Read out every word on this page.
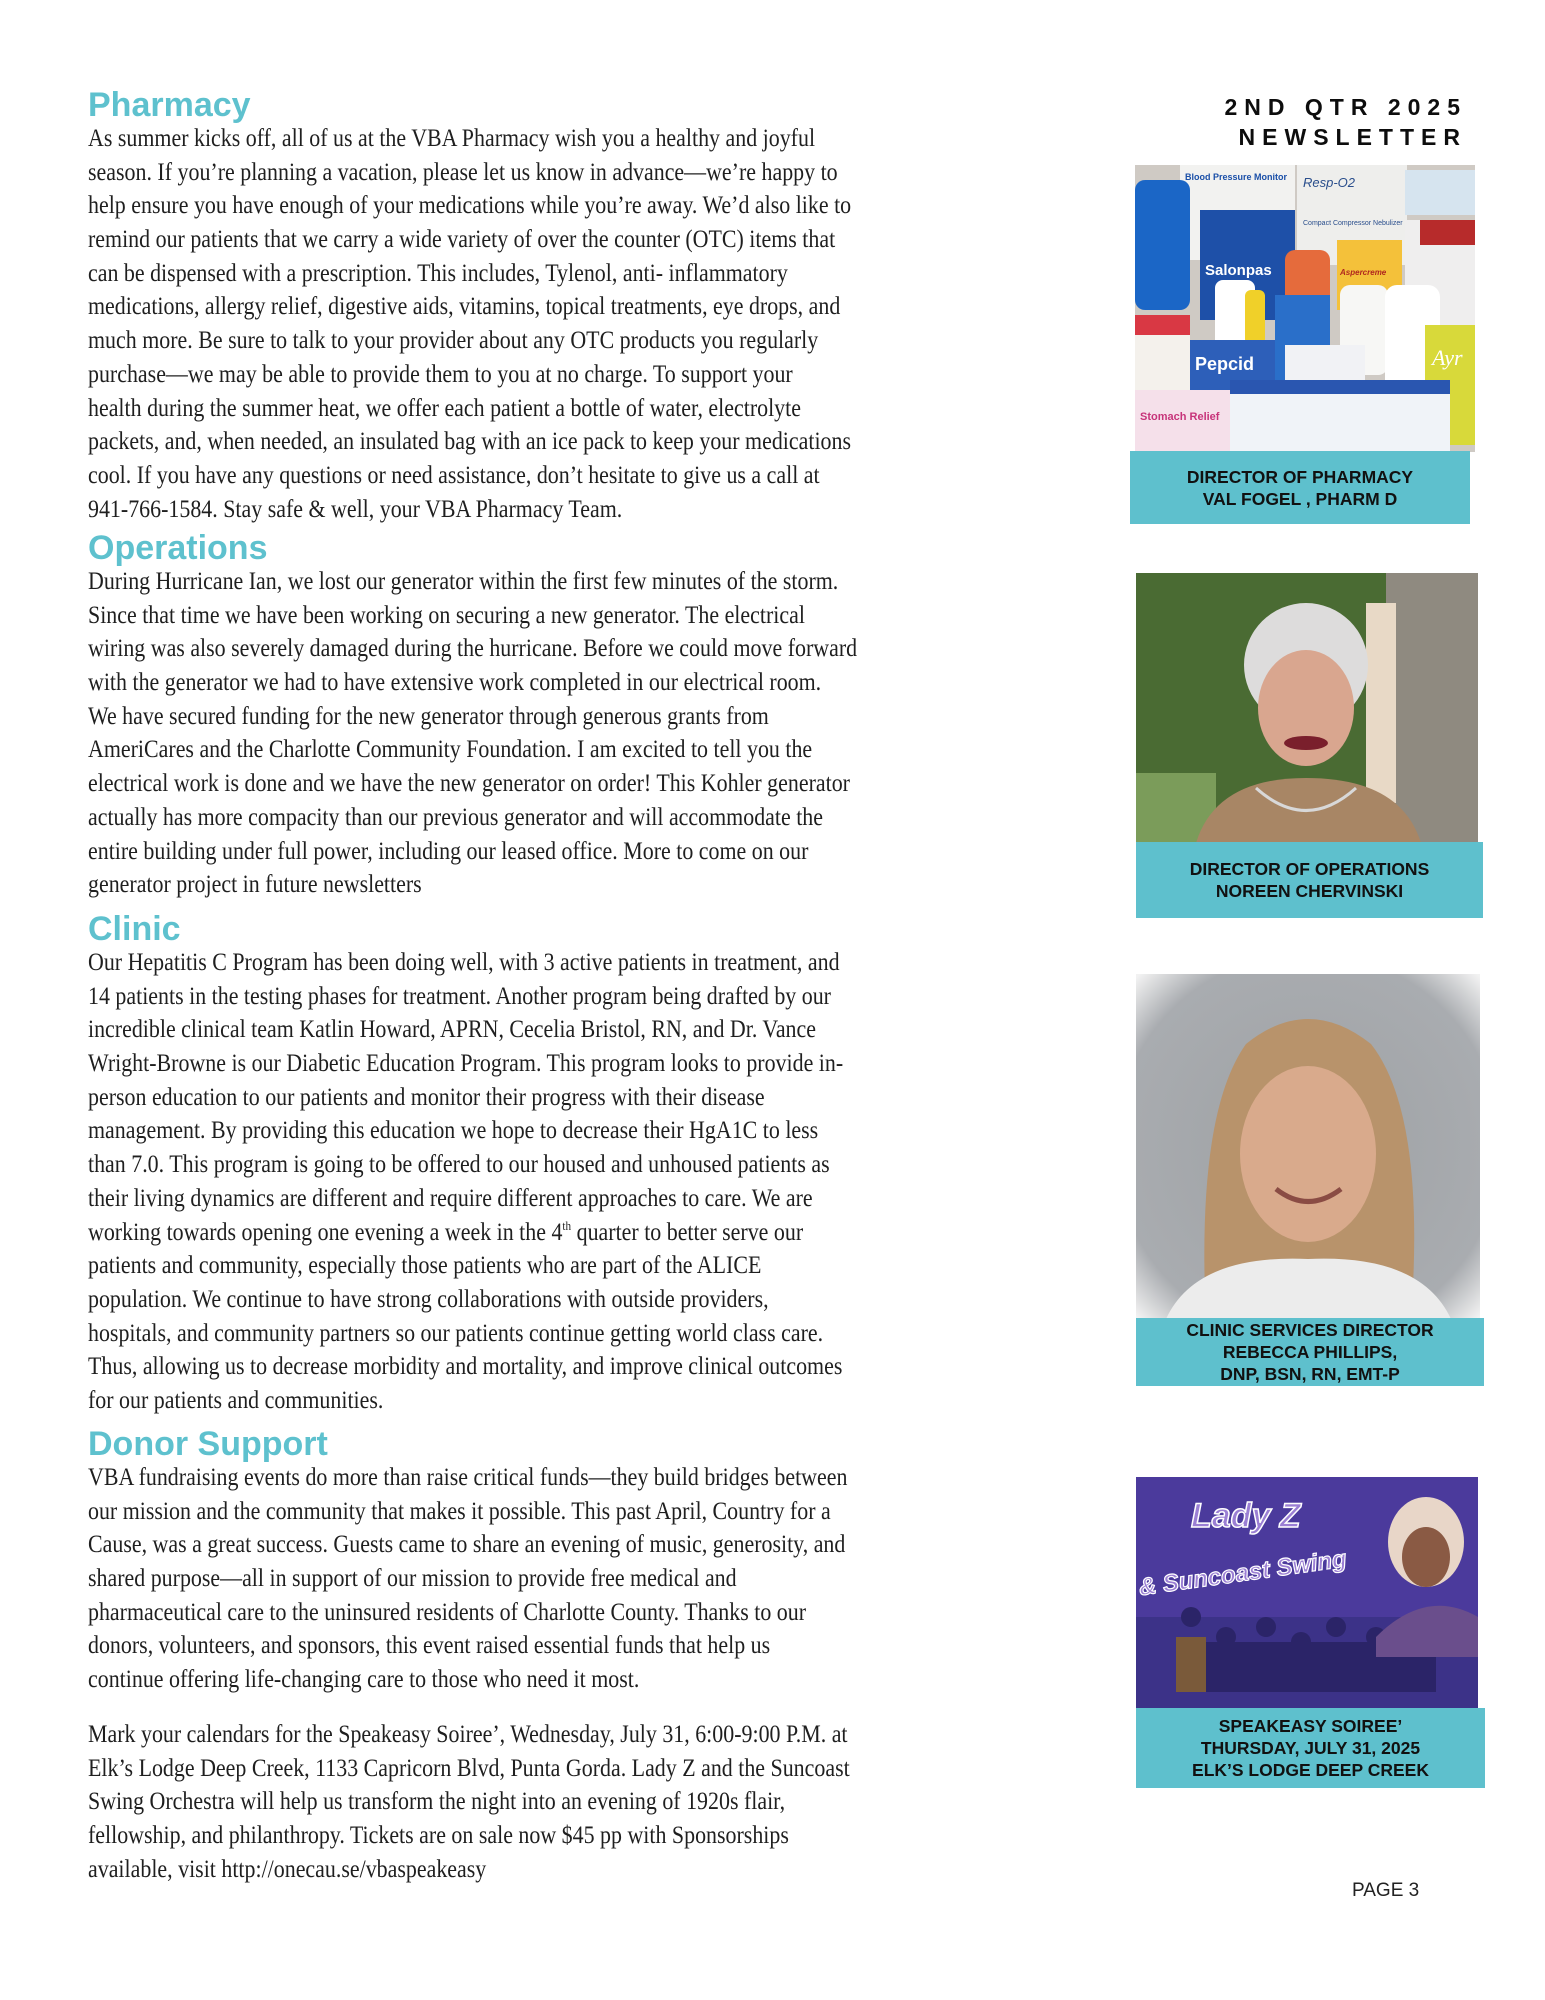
2ND QTR 2025
NEWSLETTER
Pharmacy
As summer kicks off, all of us at the VBA Pharmacy wish you a healthy and joyful
season. If you’re planning a vacation, please let us know in advance—we’re happy to
help ensure you have enough of your medications while you’re away. We’d also like to
remind our patients that we carry a wide variety of over the counter (OTC) items that
can be dispensed with a prescription. This includes, Tylenol, anti- inflammatory
medications, allergy relief, digestive aids, vitamins, topical treatments, eye drops, and
much more. Be sure to talk to your provider about any OTC products you regularly
purchase—we may be able to provide them to you at no charge. To support your
health during the summer heat, we offer each patient a bottle of water, electrolyte
packets, and, when needed, an insulated bag with an ice pack to keep your medications
cool. If you have any questions or need assistance, don’t hesitate to give us a call at
941-766-1584. Stay safe & well, your VBA Pharmacy Team.
Operations
During Hurricane Ian, we lost our generator within the first few minutes of the storm.
Since that time we have been working on securing a new generator. The electrical
wiring was also severely damaged during the hurricane. Before we could move forward
with the generator we had to have extensive work completed in our electrical room.
We have secured funding for the new generator through generous grants from
AmeriCares and the Charlotte Community Foundation. I am excited to tell you the
electrical work is done and we have the new generator on order! This Kohler generator
actually has more compacity than our previous generator and will accommodate the
entire building under full power, including our leased office. More to come on our
generator project in future newsletters
Clinic
Our Hepatitis C Program has been doing well, with 3 active patients in treatment, and
14 patients in the testing phases for treatment. Another program being drafted by our
incredible clinical team Katlin Howard, APRN, Cecelia Bristol, RN, and Dr. Vance
Wright-Browne is our Diabetic Education Program. This program looks to provide in-
person education to our patients and monitor their progress with their disease
management. By providing this education we hope to decrease their HgA1C to less
than 7.0. This program is going to be offered to our housed and unhoused patients as
their living dynamics are different and require different approaches to care. We are
working towards opening one evening a week in the 4th quarter to better serve our
patients and community, especially those patients who are part of the ALICE
population. We continue to have strong collaborations with outside providers,
hospitals, and community partners so our patients continue getting world class care.
Thus, allowing us to decrease morbidity and mortality, and improve clinical outcomes
for our patients and communities.
Donor Support
VBA fundraising events do more than raise critical funds—they build bridges between
our mission and the community that makes it possible. This past April, Country for a
Cause, was a great success. Guests came to share an evening of music, generosity, and
shared purpose—all in support of our mission to provide free medical and
pharmaceutical care to the uninsured residents of Charlotte County. Thanks to our
donors, volunteers, and sponsors, this event raised essential funds that help us
continue offering life-changing care to those who need it most.
Mark your calendars for the Speakeasy Soiree’, Wednesday, July 31, 6:00-9:00 P.M. at
Elk’s Lodge Deep Creek, 1133 Capricorn Blvd, Punta Gorda. Lady Z and the Suncoast
Swing Orchestra will help us transform the night into an evening of 1920s flair,
fellowship, and philanthropy. Tickets are on sale now $45 pp with Sponsorships
available, visit http://onecau.se/vbaspeakeasy
Blood Pressure Monitor Resp-O2
Compact Compressor Nebulizer
Salonpas
Pepcid
Stomach Relief
Ayr
Aspercreme
DIRECTOR OF PHARMACY
VAL FOGEL , PHARM D
DIRECTOR OF OPERATIONS
NOREEN CHERVINSKI
CLINIC SERVICES DIRECTOR
REBECCA PHILLIPS,
DNP, BSN, RN, EMT-P
Lady Z
& Suncoast Swing
SPEAKEASY SOIREE’
THURSDAY, JULY 31, 2025
ELK’S LODGE DEEP CREEK
PAGE 3
